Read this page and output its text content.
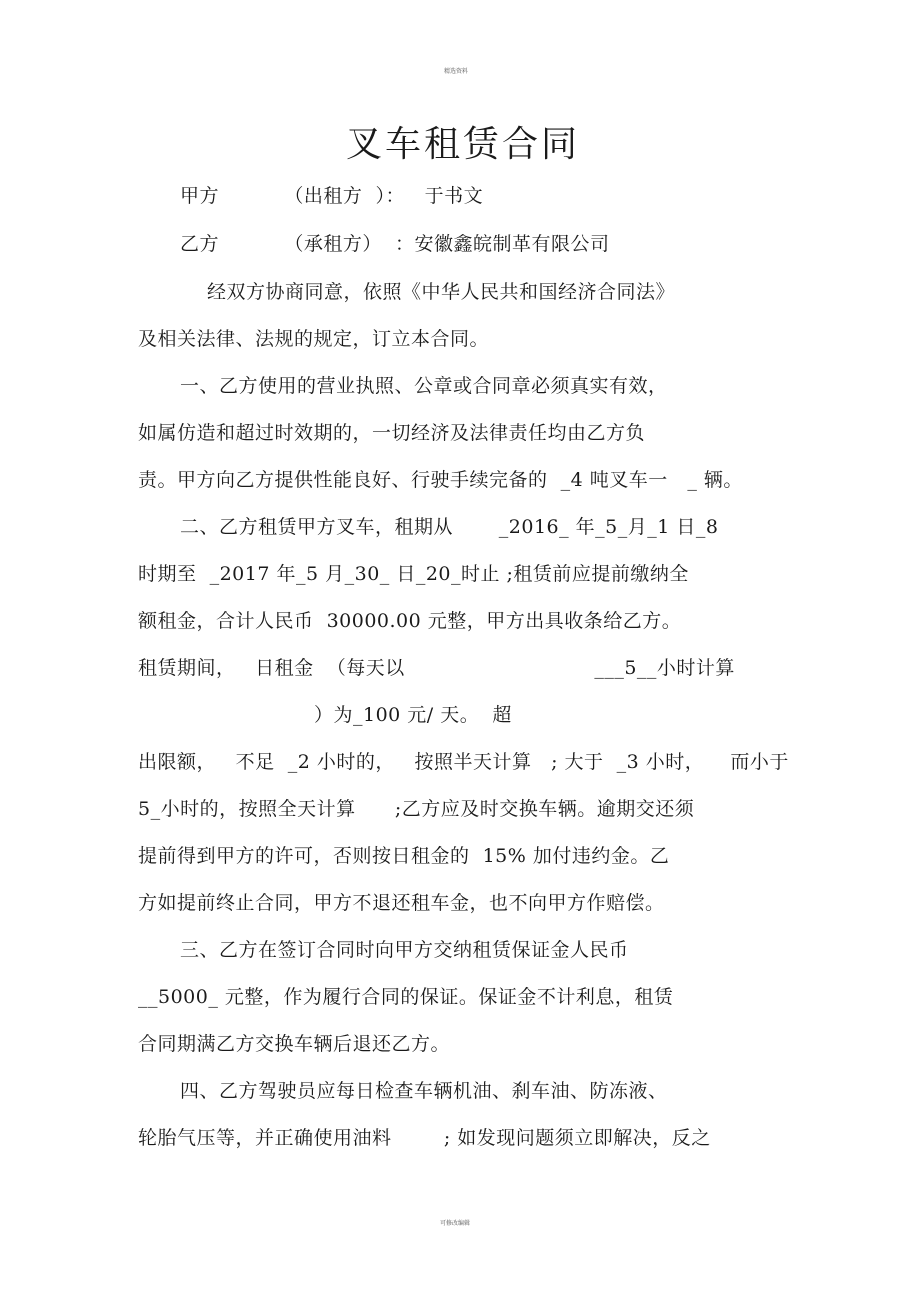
精选资料
叉车租赁合同
甲方          （出租方  ）：   于书文
乙方          （承租方）  ：安徽鑫皖制革有限公司
经双方协商同意，依照《中华人民共和国经济合同法》
及相关法律、法规的规定，订立本合同。
一、乙方使用的营业执照、公章或合同章必须真实有效，
如属仿造和超过时效期的，一切经济及法律责任均由乙方负
责。甲方向乙方提供性能良好、行驶手续完备的  _4 吨叉车一   _ 辆。
二、乙方租赁甲方叉车，租期从       _2016_ 年_5_月_1 日_8
时期至  _2017 年_5 月_30_ 日_20_时止 ;租赁前应提前缴纳全
额租金，合计人民币  30000.00 元整，甲方出具收条给乙方。
租赁期间，   日租金  （每天以                             ___5__小时计算
）为_100 元/ 天。  超
出限额，   不足  _2 小时的，   按照半天计算   ; 大于  _3 小时，    而小于
5_小时的，按照全天计算      ;乙方应及时交换车辆。逾期交还须
提前得到甲方的许可，否则按日租金的  15% 加付违约金。乙
方如提前终止合同，甲方不退还租车金，也不向甲方作赔偿。
三、乙方在签订合同时向甲方交纳租赁保证金人民币
__5000_ 元整，作为履行合同的保证。保证金不计利息，租赁
合同期满乙方交换车辆后退还乙方。
四、乙方驾驶员应每日检查车辆机油、刹车油、防冻液、
轮胎气压等，并正确使用油料        ; 如发现问题须立即解决，反之
可修改编辑
